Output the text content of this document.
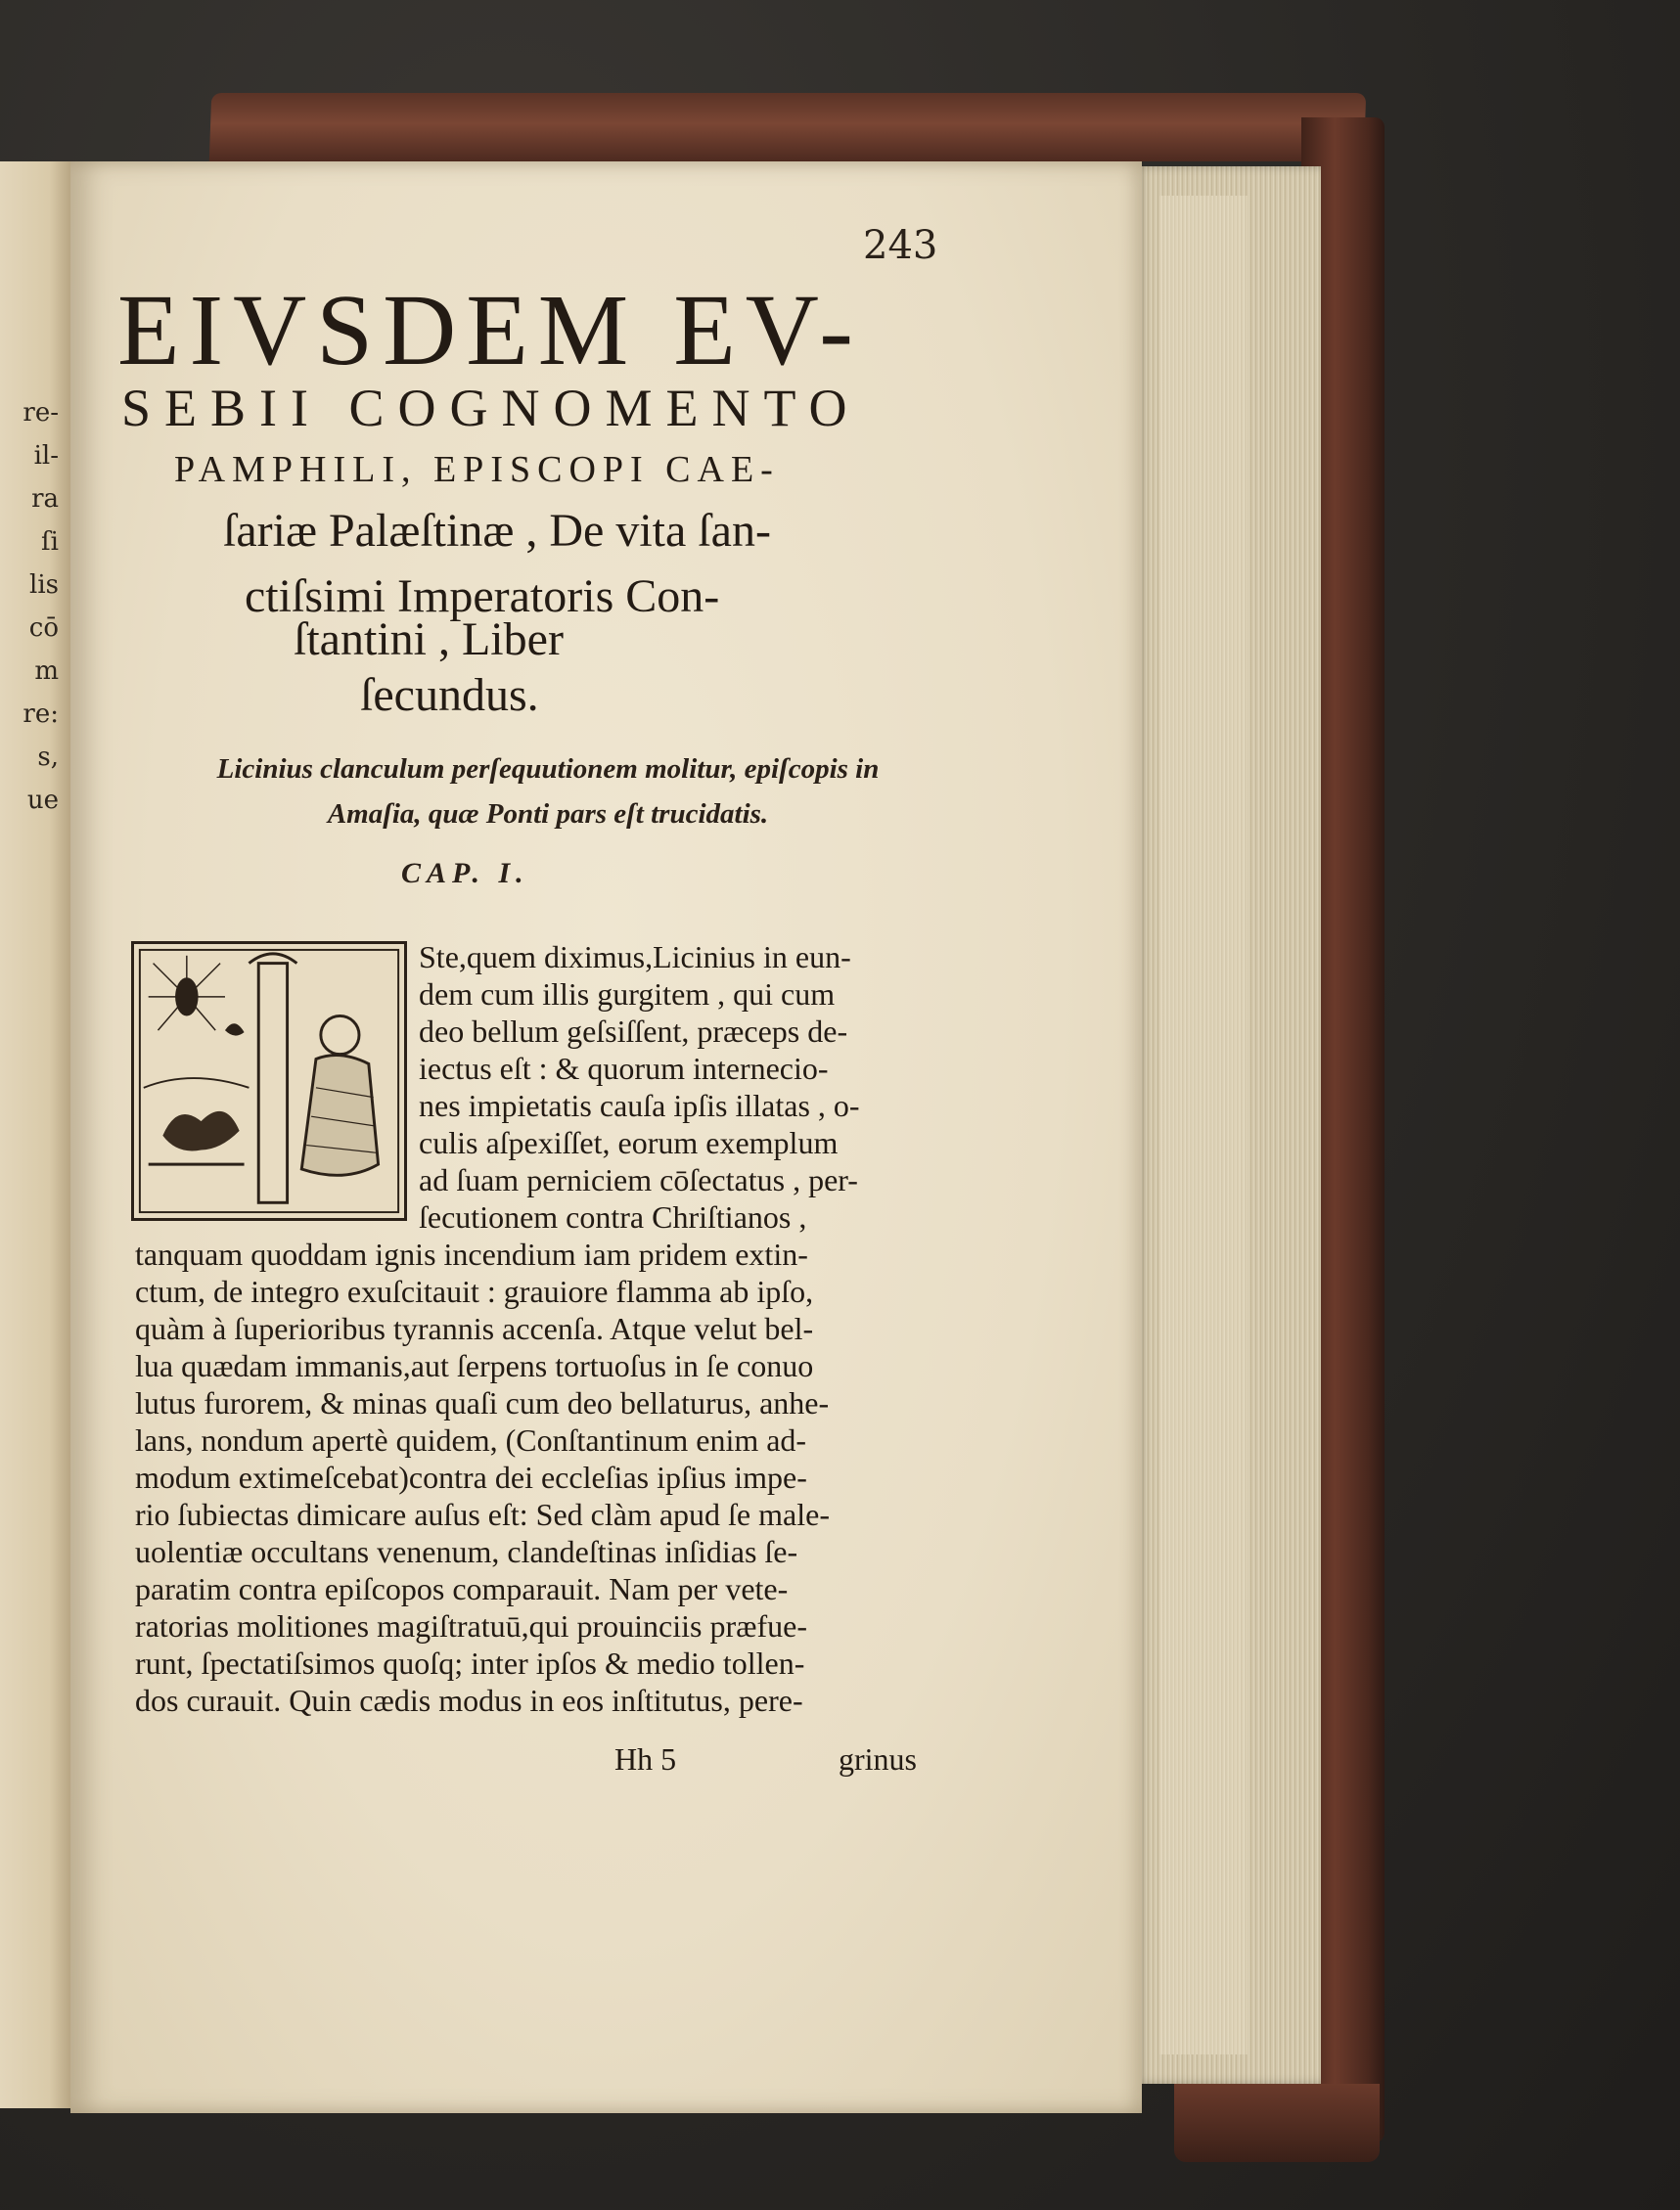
re-
il-
ra
ſi
lis
cō
m
re:
s,
ue
243
EIVSDEM EV-
SEBII COGNOMENTO
PAMPHILI, EPISCOPI CAE-
ſariæ Palæſtinæ , De vita ſan-
ctiſsimi Imperatoris Con-
ſtantini , Liber
ſecundus.
Licinius clanculum perſequutionem molitur, epiſcopis in
Amaſia, quæ Ponti pars eſt trucidatis.
CAP. I.
Ste,quem diximus,Licinius in eun-
dem cum illis gurgitem , qui cum
deo bellum geſsiſſent, præceps de-
iectus eſt : & quorum internecio-
nes impietatis cauſa ipſis illatas , o-
culis aſpexiſſet, eorum exemplum
ad ſuam perniciem cōſectatus , per-
ſecutionem contra Chriſtianos ,
tanquam quoddam ignis incendium iam pridem extin-
ctum, de integro exuſcitauit : grauiore flamma ab ipſo,
quàm à ſuperioribus tyrannis accenſa. Atque velut bel-
lua quædam immanis,aut ſerpens tortuoſus in ſe conuo
lutus furorem, & minas quaſi cum deo bellaturus, anhe-
lans, nondum apertè quidem, (Conſtantinum enim ad-
modum extimeſcebat)contra dei eccleſias ipſius impe-
rio ſubiectas dimicare auſus eſt: Sed clàm apud ſe male-
uolentiæ occultans venenum, clandeſtinas inſidias ſe-
paratim contra epiſcopos comparauit. Nam per vete-
ratorias molitiones magiſtratuū,qui prouinciis præfue-
runt, ſpectatiſsimos quoſq; inter ipſos & medio tollen-
dos curauit. Quin cædis modus in eos inſtitutus, pere-
Hh 5	grinus
